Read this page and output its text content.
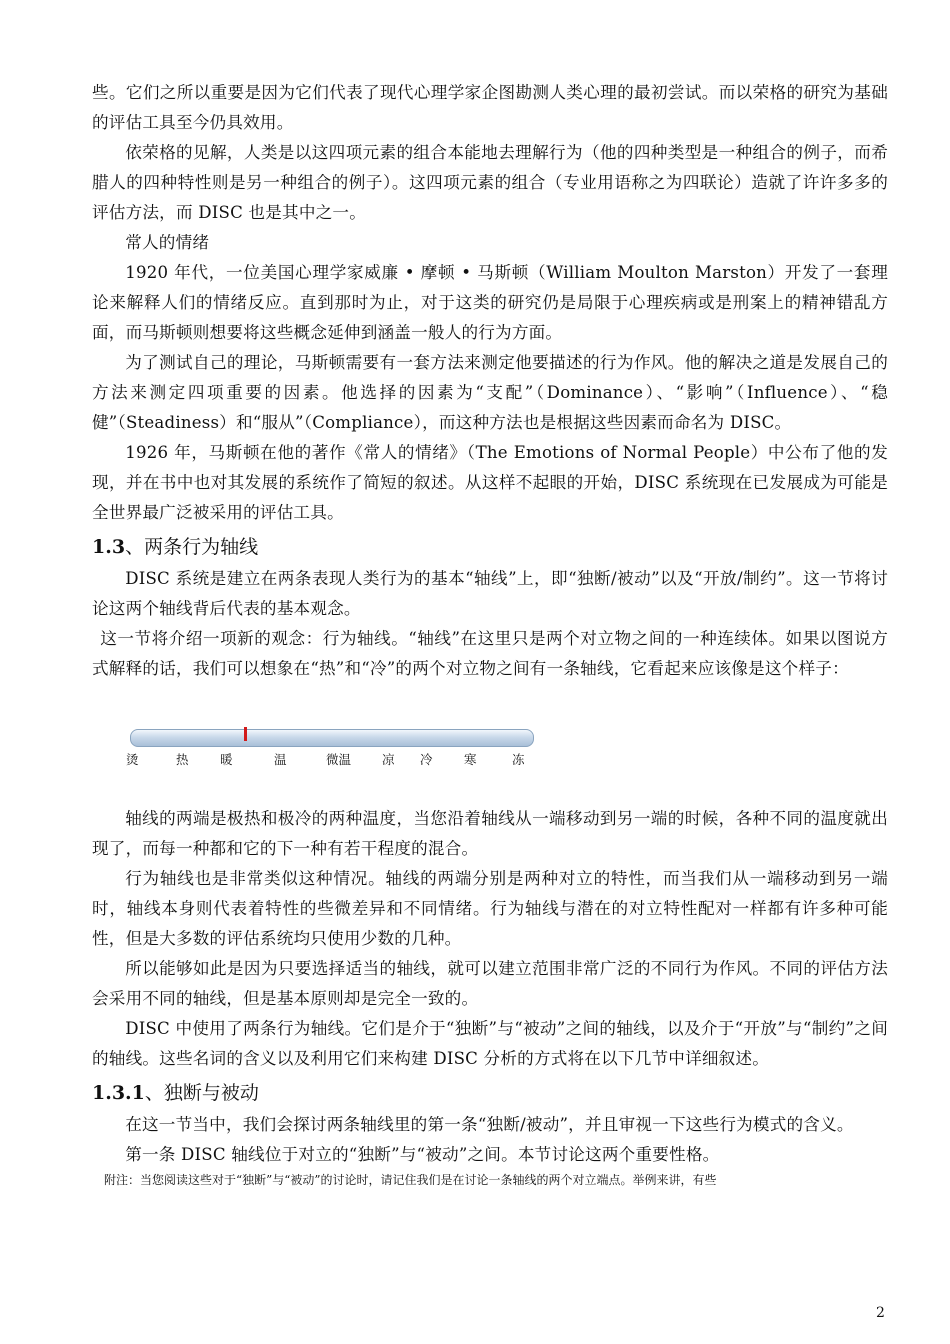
些。它们之所以重要是因为它们代表了现代心理学家企图勘测人类心理的最初尝试。而以荣格的研究为基础的评估工具至今仍具效用。

依荣格的见解，人类是以这四项元素的组合本能地去理解行为（他的四种类型是一种组合的例子，而希腊人的四种特性则是另一种组合的例子）。这四项元素的组合（专业用语称之为四联论）造就了许许多多的评估方法，而 DISC 也是其中之一。

常人的情绪

1920 年代，一位美国心理学家威廉 • 摩顿 • 马斯顿（William Moulton Marston）开发了一套理论来解释人们的情绪反应。直到那时为止，对于这类的研究仍是局限于心理疾病或是刑案上的精神错乱方面，而马斯顿则想要将这些概念延伸到涵盖一般人的行为方面。

为了测试自己的理论，马斯顿需要有一套方法来测定他要描述的行为作风。他的解决之道是发展自己的方法来测定四项重要的因素。他选择的因素为“支配”（Dominance）、“影响”（Influence）、“稳健”（Steadiness）和“服从”（Compliance），而这种方法也是根据这些因素而命名为 DISC。

1926 年，马斯顿在他的著作《常人的情绪》（The Emotions of Normal People）中公布了他的发现，并在书中也对其发展的系统作了简短的叙述。从这样不起眼的开始，DISC 系统现在已发展成为可能是全世界最广泛被采用的评估工具。

1.3、两条行为轴线

DISC 系统是建立在两条表现人类行为的基本“轴线”上，即“独断/被动”以及“开放/制约”。这一节将讨论这两个轴线背后代表的基本观念。

这一节将介绍一项新的观念：行为轴线。“轴线”在这里只是两个对立物之间的一种连续体。如果以图说方式解释的话，我们可以想象在“热”和“冷”的两个对立物之间有一条轴线，它看起来应该像是这个样子：

烫	热	暖	温	微温 凉 冷	寒	冻

轴线的两端是极热和极冷的两种温度，当您沿着轴线从一端移动到另一端的时候，各种不同的温度就出现了，而每一种都和它的下一种有若干程度的混合。

行为轴线也是非常类似这种情况。轴线的两端分别是两种对立的特性，而当我们从一端移动到另一端时，轴线本身则代表着特性的些微差异和不同情绪。行为轴线与潜在的对立特性配对一样都有许多种可能性，但是大多数的评估系统均只使用少数的几种。

所以能够如此是因为只要选择适当的轴线，就可以建立范围非常广泛的不同行为作风。不同的评估方法会采用不同的轴线，但是基本原则却是完全一致的。

DISC 中使用了两条行为轴线。它们是介于“独断”与“被动”之间的轴线，以及介于“开放”与“制约”之间的轴线。这些名词的含义以及利用它们来构建 DISC 分析的方式将在以下几节中详细叙述。

1.3.1、独断与被动

在这一节当中，我们会探讨两条轴线里的第一条“独断/被动”，并且审视一下这些行为模式的含义。

第一条 DISC 轴线位于对立的“独断”与“被动”之间。本节讨论这两个重要性格。

附注：当您阅读这些对于“独断”与“被动”的讨论时，请记住我们是在讨论一条轴线的两个对立端点。举例来讲，有些

2
